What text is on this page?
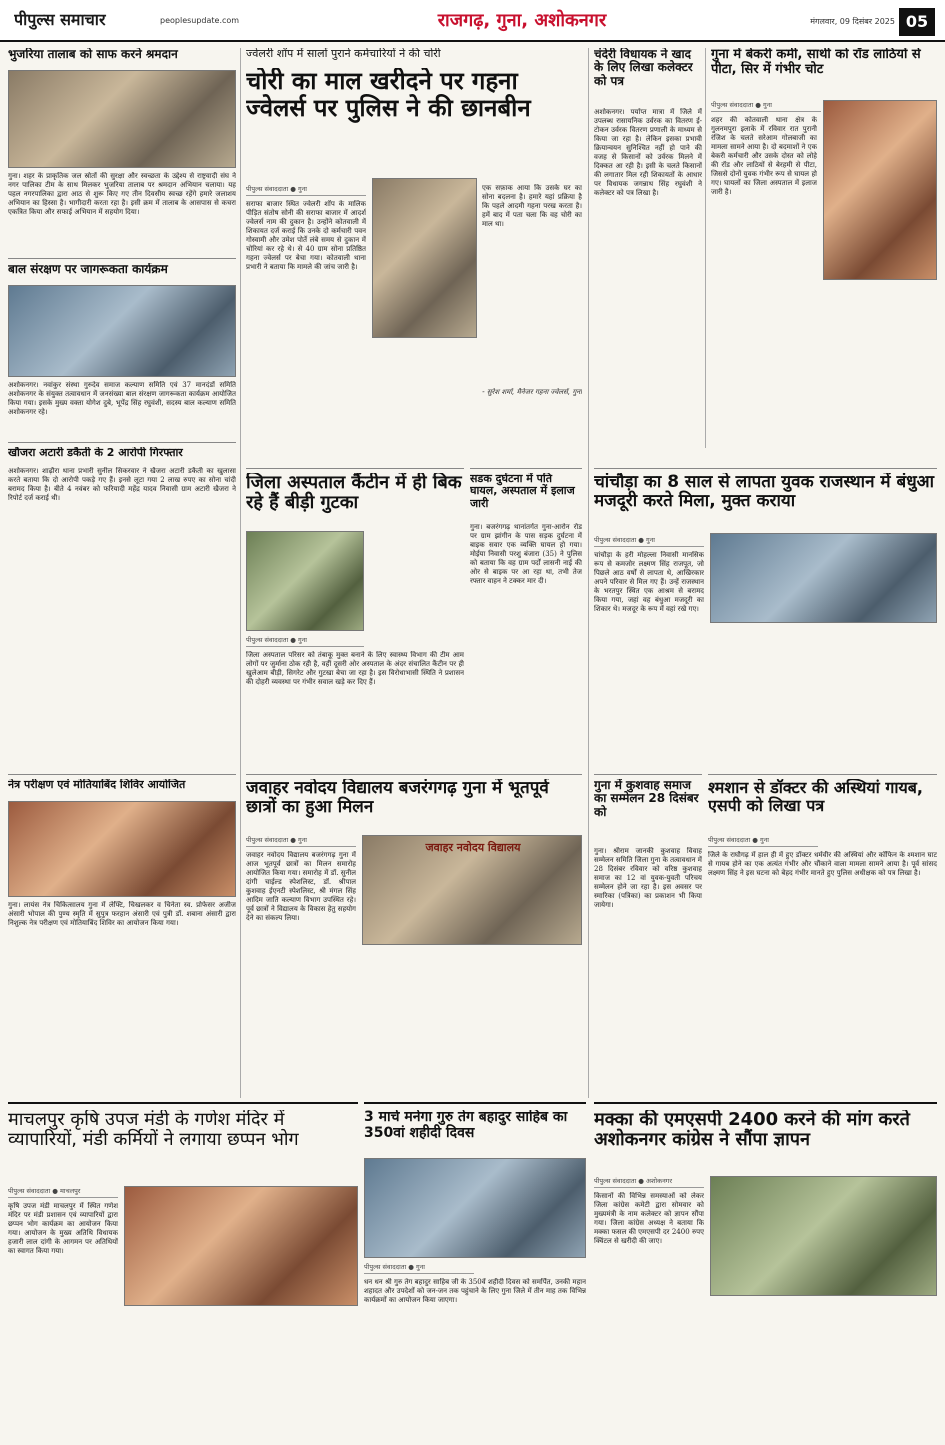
पीपुल्स समाचार	peoplesupdate.com	राजगढ़, गुना, अशोकनगर	मंगलवार, 09 दिसंबर 2025 05
भुजरिया तालाब को साफ करने श्रमदान
गुना। शहर के प्राकृतिक जल स्रोतों की सुरक्षा और स्वच्छता के उद्देश्य से राष्ट्रवादी संघ ने नगर पालिका टीम के साथ मिलकर भुजरिया तालाब पर श्रमदान अभियान चलाया। यह पहल नगरपालिका द्वारा आठ से शुरू किए गए तीन दिवसीय स्वच्छ रहेंगे हमारे जलाशय अभियान का हिस्सा है। भागीदारी करता रहा है। इसी क्रम में तालाब के आसपास से कचरा एकत्रित किया और सफाई अभियान में सहयोग दिया।
बाल संरक्षण पर जागरूकता कार्यक्रम
अशोकनगर। नवांकुर संस्था गुरुदेव समाज कल्याण समिति एवं 37 मानदंडों समिति अशोकनगर के संयुक्त तत्वावधान में जनसंख्या बाल संरक्षण जागरूकता कार्यक्रम आयोजित किया गया। इसके मुख्य वक्ता योगेश दुबे, भूपेंद्र सिंह रघुवंशी, सदस्य बाल कल्याण समिति अशोकनगर रहे।
खौजरा अटारी डकैती के 2 आरोपी गिरफ्तार
अशोकनगर। शाढ़ौरा थाना प्रभारी सुनील सिकरवार ने खैजरा अटारी डकैती का खुलासा करते बताया कि दो आरोपी पकड़े गए हैं। इनसे लूटा गया 2 लाख रुपए का सोना चांदी बरामद किया है। बीते 4 नवंबर को फरियादी महेंद्र यादव निवासी ग्राम अटारी खैजरा ने रिपोर्ट दर्ज कराई थी।
ज्वेलरी शॉप में सालों पुराने कर्मचारियों ने की चोरी
चोरी का माल खरीदने पर गहना ज्वेलर्स पर पुलिस ने की छानबीन
पीपुल्स संवाददाता ● गुना
सराफा बाजार स्थित ज्वेलरी शॉप के मालिक पीड़ित संतोष सोनी की सराफा बाजार में आदर्श ज्वेलर्स नाम की दुकान है। उन्होंने कोतवाली में शिकायत दर्ज कराई कि उनके दो कर्मचारी पवन गोस्वामी और उमेश पोर्ते लंबे समय से दुकान में चोरियां कर रहे थे। से 40 ग्राम सोना प्रतिष्ठित गहना ज्वेलर्स पर बेचा गया। कोतवाली थाना प्रभारी ने बताया कि मामले की जांच जारी है।
एक सफ़ाक आया कि उसके घर का सोना बदलना है। हमारे यहां प्रक्रिया है कि पहले आदमी गहना परख करता है। हमें बाद में पता चला कि वह चोरी का माल था।
- सुरेश शर्मा, मैनेजर गहना ज्वेलर्स, गुना
चंदेरी विधायक ने खाद के लिए लिखा कलेक्टर को पत्र
अशोकनगर। पर्याप्त मात्रा में जिले में उपलब्ध रासायनिक उर्वरक का वितरण ई-टोकन उर्वरक वितरण प्रणाली के माध्यम से किया जा रहा है। लेकिन इसका प्रभावी क्रियान्वयन सुनिश्चित नहीं हो पाने की वजह से किसानों को उर्वरक मिलने में दिक्कत आ रही है। इसी के चलते किसानों की लगातार मिल रही शिकायतों के आधार पर विधायक जगन्नाथ सिंह रघुवंशी ने कलेक्टर को पत्र लिखा है।
गुना में बेकरी कर्मी, साथी को रॉड लाठियों से पीटा, सिर में गंभीर चोट
पीपुल्स संवाददाता ● गुना
शहर की कोतवाली थाना क्षेत्र के गुलनमपुरा इलाके में रविवार रात पुरानी रंजिश के चलते सरेआम गोलबाजी का मामला सामने आया है। दो बदमाशों ने एक बेकरी कर्मचारी और उसके दोस्त को लोहे की रॉड और लाठियों से बेरहमी से पीटा, जिससे दोनों युवक गंभीर रूप से घायल हो गए। घायलों का जिला अस्पताल में इलाज जारी है।
जिला अस्पताल कैंटीन में ही बिक रहे हैं बीड़ी गुटका
पीपुल्स संवाददाता ● गुना
जिला अस्पताल परिसर को तंबाकू मुक्त बनाने के लिए स्वास्थ्य विभाग की टीम आम लोगों पर जुर्माना ठोक रही है, वहीं दूसरी ओर अस्पताल के अंदर संचालित कैंटीन पर ही खुलेआम बीड़ी, सिगरेट और गुटखा बेचा जा रहा है। इस विरोधाभासी स्थिति ने प्रशासन की दोहरी व्यवस्था पर गंभीर सवाल खड़े कर दिए हैं।
सडक दुर्घटना में पति घायल, अस्पताल में इलाज जारी
गुना। बजरंगगढ़ थानांतर्गत गुना-आरोन रोड पर ग्राम झांगीन के पास सड़क दुर्घटना में बाइक सवार एक व्यक्ति घायल हो गया। मोईया निवासी परशु बंजारा (35) ने पुलिस को बताया कि वह ग्राम पर्दों लासनी नाई की ओर से बाइक पर आ रहा था, तभी तेज रफ्तार वाहन ने टक्कर मार दी।
चांचौड़ा का 8 साल से लापता युवक राजस्थान में बंधुआ मजदूरी करते मिला, मुक्त कराया
पीपुल्स संवाददाता ● गुना
चांचौड़ा के हरी मोहल्ला निवासी मानसिक रूप से कमजोर लक्ष्मण सिंह राजपूत, जो पिछले आठ वर्षों से लापता थे, आखिरकार अपने परिवार से मिल गए हैं। उन्हें राजस्थान के भरतपुर स्थित एक आश्रम से बरामद किया गया, जहां वह बंधुआ मजदूरी का शिकार थे। मजदूर के रूप में वहां रखे गए।
नेत्र परीक्षण एवं मोतियाबिंद शिविर आयोजित
गुना। लायंस नेत्र चिकित्सालय गुना में लेफ्टि, चिखलकर व चिनेता स्व. प्रोफेसर अजीज अंसारी भोपाल की पुण्य स्मृति में सुपुत्र फरहान अंसारी एवं पुत्री डॉ. शबाना अंसारी द्वारा निशुल्क नेत्र परीक्षण एवं मोतियाबिंद शिविर का आयोजन किया गया।
जवाहर नवोदय विद्यालय बजरंगगढ़ गुना में भूतपूर्व छात्रों का हुआ मिलन
पीपुल्स संवाददाता ● गुना
जवाहर नवोदय विद्यालय बजरंगगढ़ गुना में आज भूतपूर्व छात्रों का मिलन समारोह आयोजित किया गया। समारोह में डॉ. सुनील दांगी चाईल्ड स्पेशलिस्ट, डॉ. श्रीपाल कुशवाह ईएनटी स्पेशलिस्ट, श्री मंगल सिंह आदिम जाति कल्याण विभाग उपस्थित रहे। पूर्व छात्रों ने विद्यालय के विकास हेतु सहयोग देने का संकल्प लिया।
जवाहर नवोदय विद्यालय
गुना में कुशवाह समाज का सम्मेलन 28 दिसंबर को
गुना। श्रीराम जानकी कुशवाह विवाह सम्मेलन समिति जिला गुना के तत्वावधान में 28 दिसंबर रविवार को वरिष्ठ कुशवाह समाज का 12 वां युवक-युवती परिचय सम्मेलन होने जा रहा है। इस अवसर पर स्मारिका (पत्रिका) का प्रकाशन भी किया जायेगा।
श्मशान से डॉक्टर की अस्थियां गायब, एसपी को लिखा पत्र
पीपुल्स संवाददाता ● गुना
जिले के राघौगढ़ में हाल ही में हुए डॉक्टर धर्मवीर की अस्थियां और कॉफिन के श्मशान घाट से गायब होने का एक अत्यंत गंभीर और चौंकाने वाला मामला सामने आया है। पूर्व सांसद लक्ष्मण सिंह ने इस घटना को बेहद गंभीर मानते हुए पुलिस अधीक्षक को पत्र लिखा है।
माचलपुर कृषि उपज मंडी के गणेश मंदिर में व्यापारियों, मंडी कर्मियों ने लगाया छप्पन भोग
पीपुल्स संवाददाता ● माचलपुर
कृषि उपज मंडी माचलपुर में स्थित गणेश मंदिर पर मंडी प्रशासन एवं व्यापारियों द्वारा छप्पन भोग कार्यक्रम का आयोजन किया गया। आयोजन के मुख्य अतिथि विधायक हजारी लाल दांगी के आगमन पर अतिथियों का स्वागत किया गया।
3 मार्च मनेगा गुरु तेग बहादुर साहिब का 350वां शहीदी दिवस
पीपुल्स संवाददाता ● गुना
धन धन श्री गुरु तेग बहादुर साहिब जी के 350वें शहीदी दिवस को समर्पित, उनकी महान शहादत और उपदेशों को जन-जन तक पहुंचाने के लिए गुना जिले में तीन माह तक विभिन्न कार्यक्रमों का आयोजन किया जाएगा।
मक्का की एमएसपी 2400 करने की मांग करते अशोकनगर कांग्रेस ने सौंपा ज्ञापन
पीपुल्स संवाददाता ● अशोकनगर
किसानों की विभिन्न समस्याओं को लेकर जिला कांग्रेस कमेटी द्वारा सोमवार को मुख्यमंत्री के नाम कलेक्टर को ज्ञापन सौंपा गया। जिला कांग्रेस अध्यक्ष ने बताया कि मक्का फसल की एमएसपी दर 2400 रुपए क्विंटल से खरीदी की जाए।
